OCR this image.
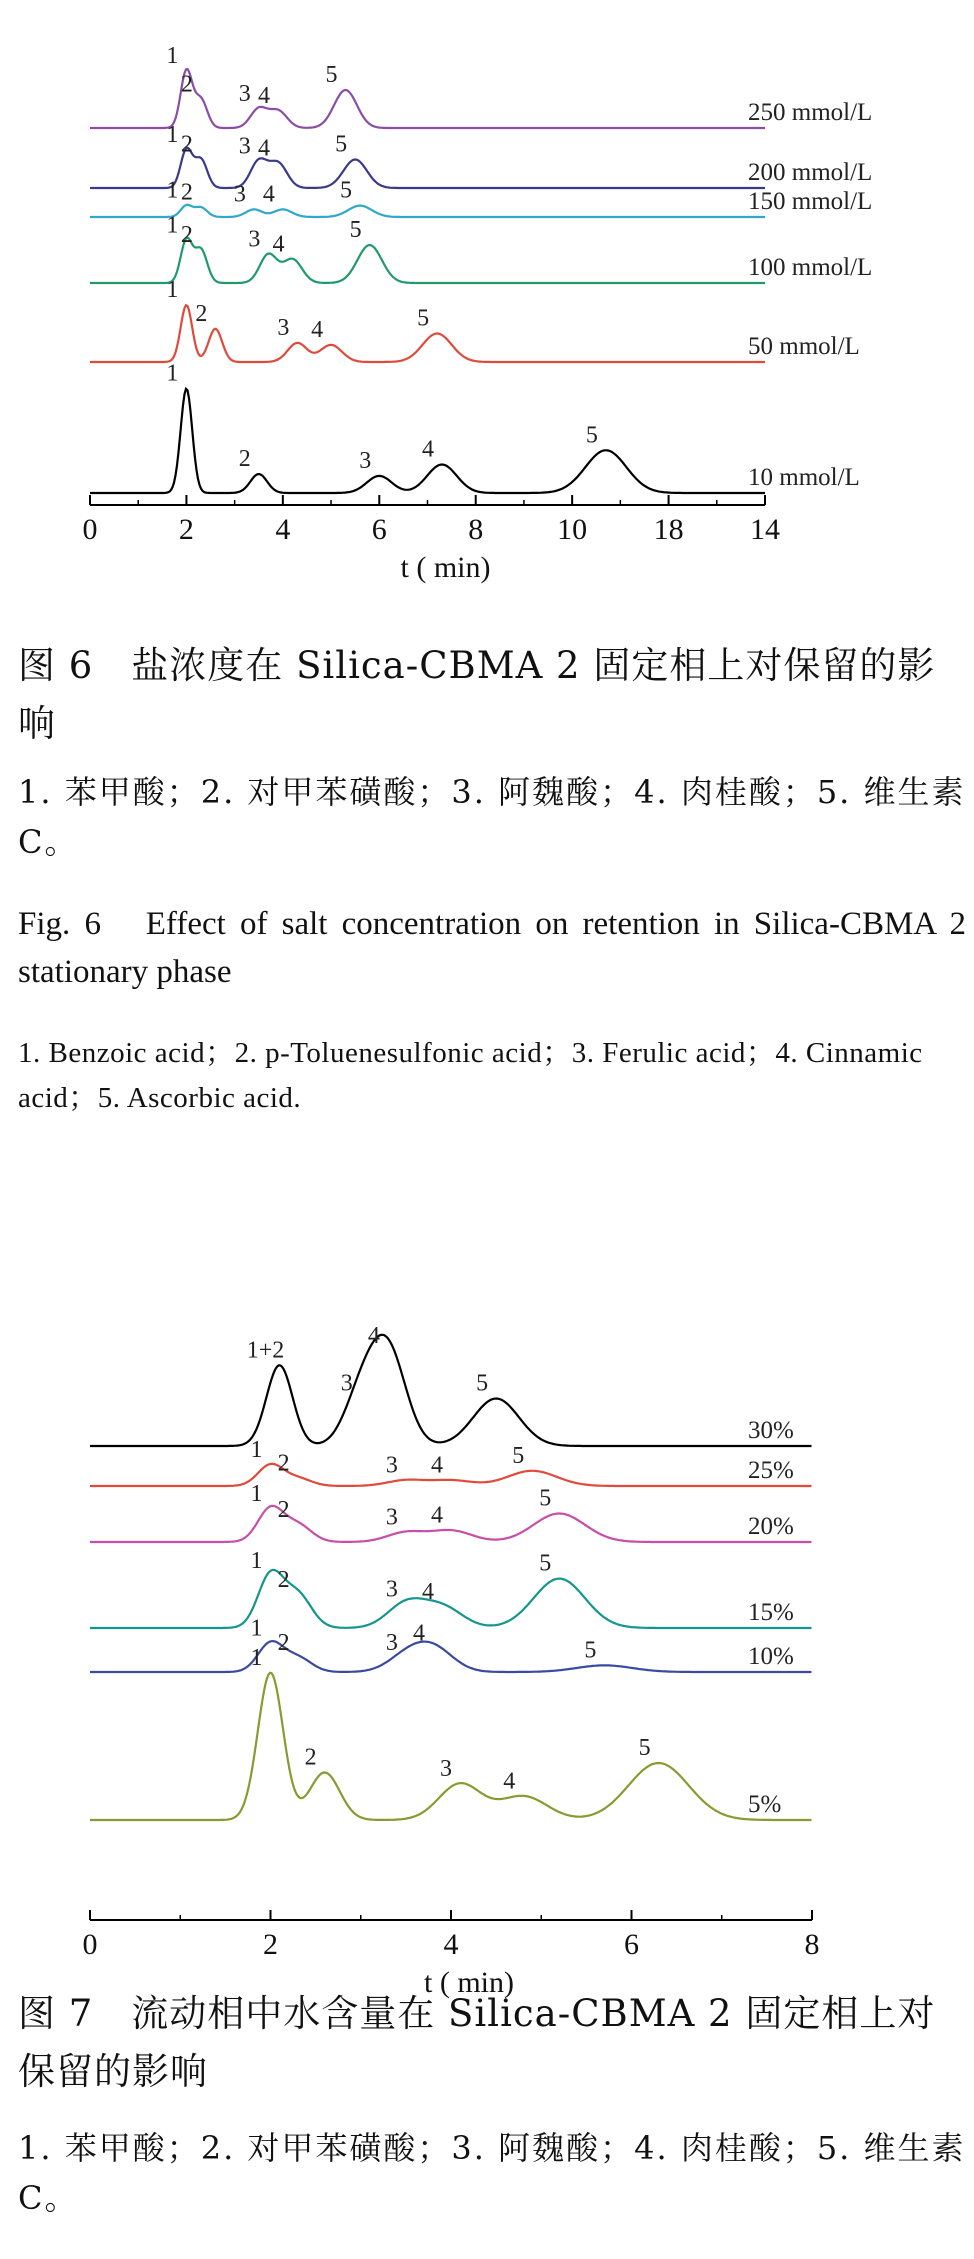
0	2	4	6	8 10 18 14
t ( min)
1
2 3 4
5
250 mmol/L
1 2 3 4	5
200 mmol/L
1 2 3 4	5	150 mmol/L
1 2 3 4
5
100 mmol/L
1
2
3 4	5
50 mmol/L
1
2	3 4
5
10 mmol/L

图 6　盐浓度在 Silica-CBMA 2 固定相上对保留的影响

1. 苯甲酸；2. 对甲苯磺酸；3. 阿魏酸；4. 肉桂酸；5. 维生素 C。

Fig. 6　Effect of salt concentration on retention in Silica-CBMA 2 stationary phase

1. Benzoic acid；2. p-Toluenesulfonic acid；3. Ferulic acid；4. Cinnamic acid；5. Ascorbic acid.

0	2	4	6	8
t ( min)
1+2
3
4
5
30%
1
2	3 4	5
25%
1
2	3 4
5
20%
1
2	3 4
5
15%
1
2	3 4
5	10%
1
2	3 4
5
5%

图 7　流动相中水含量在 Silica-CBMA 2 固定相上对保留的影响

1. 苯甲酸；2. 对甲苯磺酸；3. 阿魏酸；4. 肉桂酸；5. 维生素 C。
